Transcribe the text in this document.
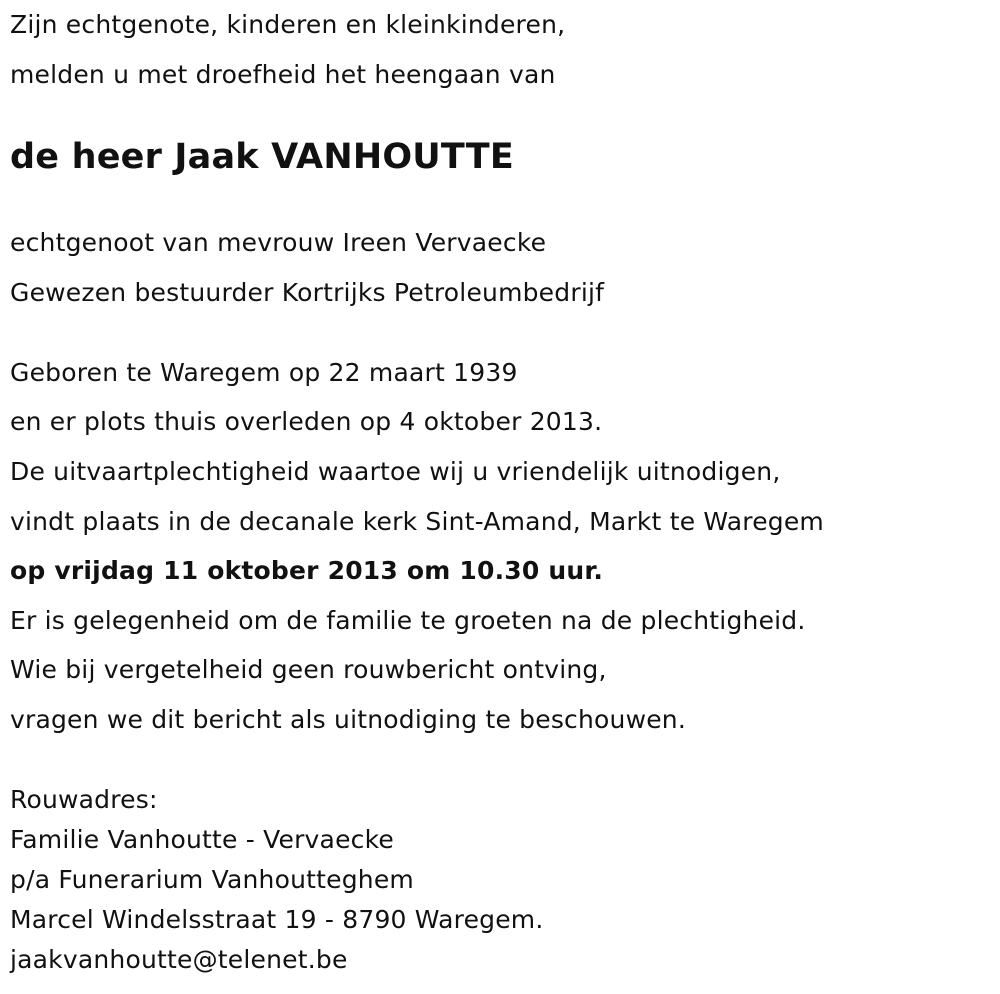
Zijn echtgenote, kinderen en kleinkinderen,
melden u met droefheid het heengaan van
de heer Jaak VANHOUTTE
echtgenoot van mevrouw Ireen Vervaecke
Gewezen bestuurder Kortrijks Petroleumbedrijf
Geboren te Waregem op 22 maart 1939
en er plots thuis overleden op 4 oktober 2013.
De uitvaartplechtigheid waartoe wij u vriendelijk uitnodigen,
vindt plaats in de decanale kerk Sint-Amand, Markt te Waregem
op vrijdag 11 oktober 2013 om 10.30 uur.
Er is gelegenheid om de familie te groeten na de plechtigheid.
Wie bij vergetelheid geen rouwbericht ontving,
vragen we dit bericht als uitnodiging te beschouwen.
Rouwadres:
Familie Vanhoutte - Vervaecke
p/a Funerarium Vanhoutteghem
Marcel Windelsstraat 19 - 8790 Waregem.
jaakvanhoutte@telenet.be
